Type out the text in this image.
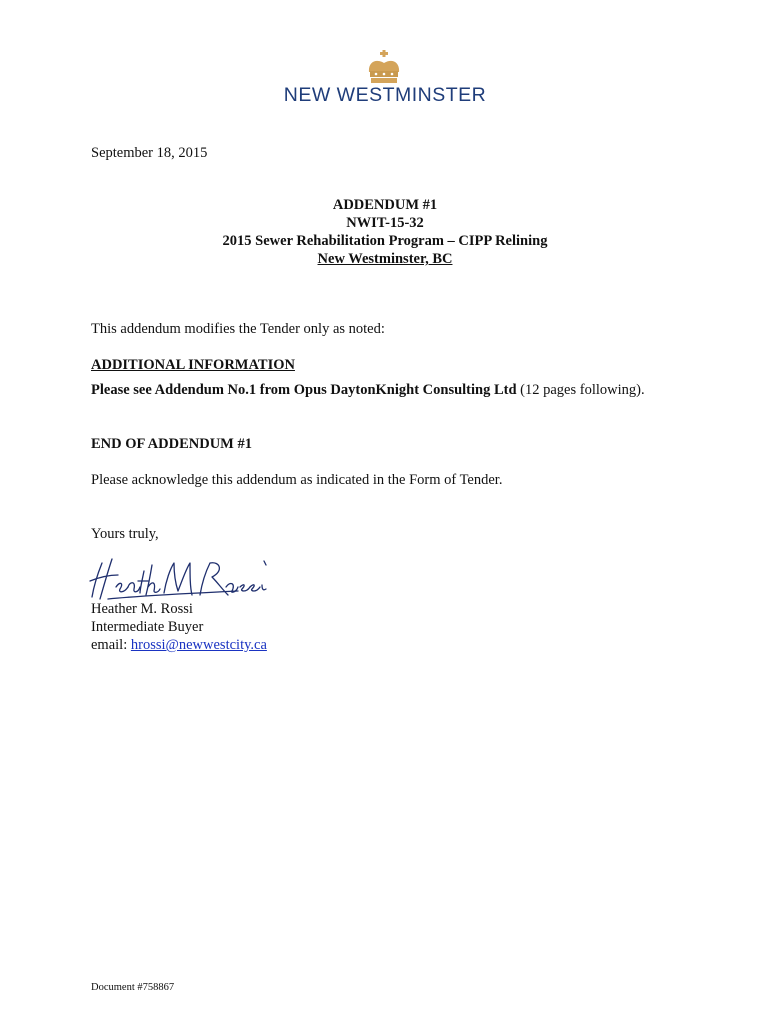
NEW WESTMINSTER
September 18, 2015
ADDENDUM #1
NWIT-15-32
2015 Sewer Rehabilitation Program – CIPP Relining
New Westminster, BC
This addendum modifies the Tender only as noted:
ADDITIONAL INFORMATION
Please see Addendum No.1 from Opus DaytonKnight Consulting Ltd (12 pages following).
END OF ADDENDUM #1
Please acknowledge this addendum as indicated in the Form of Tender.
Yours truly,
Heather M. Rossi
Intermediate Buyer
email: hrossi@newwestcity.ca
Document #758867
